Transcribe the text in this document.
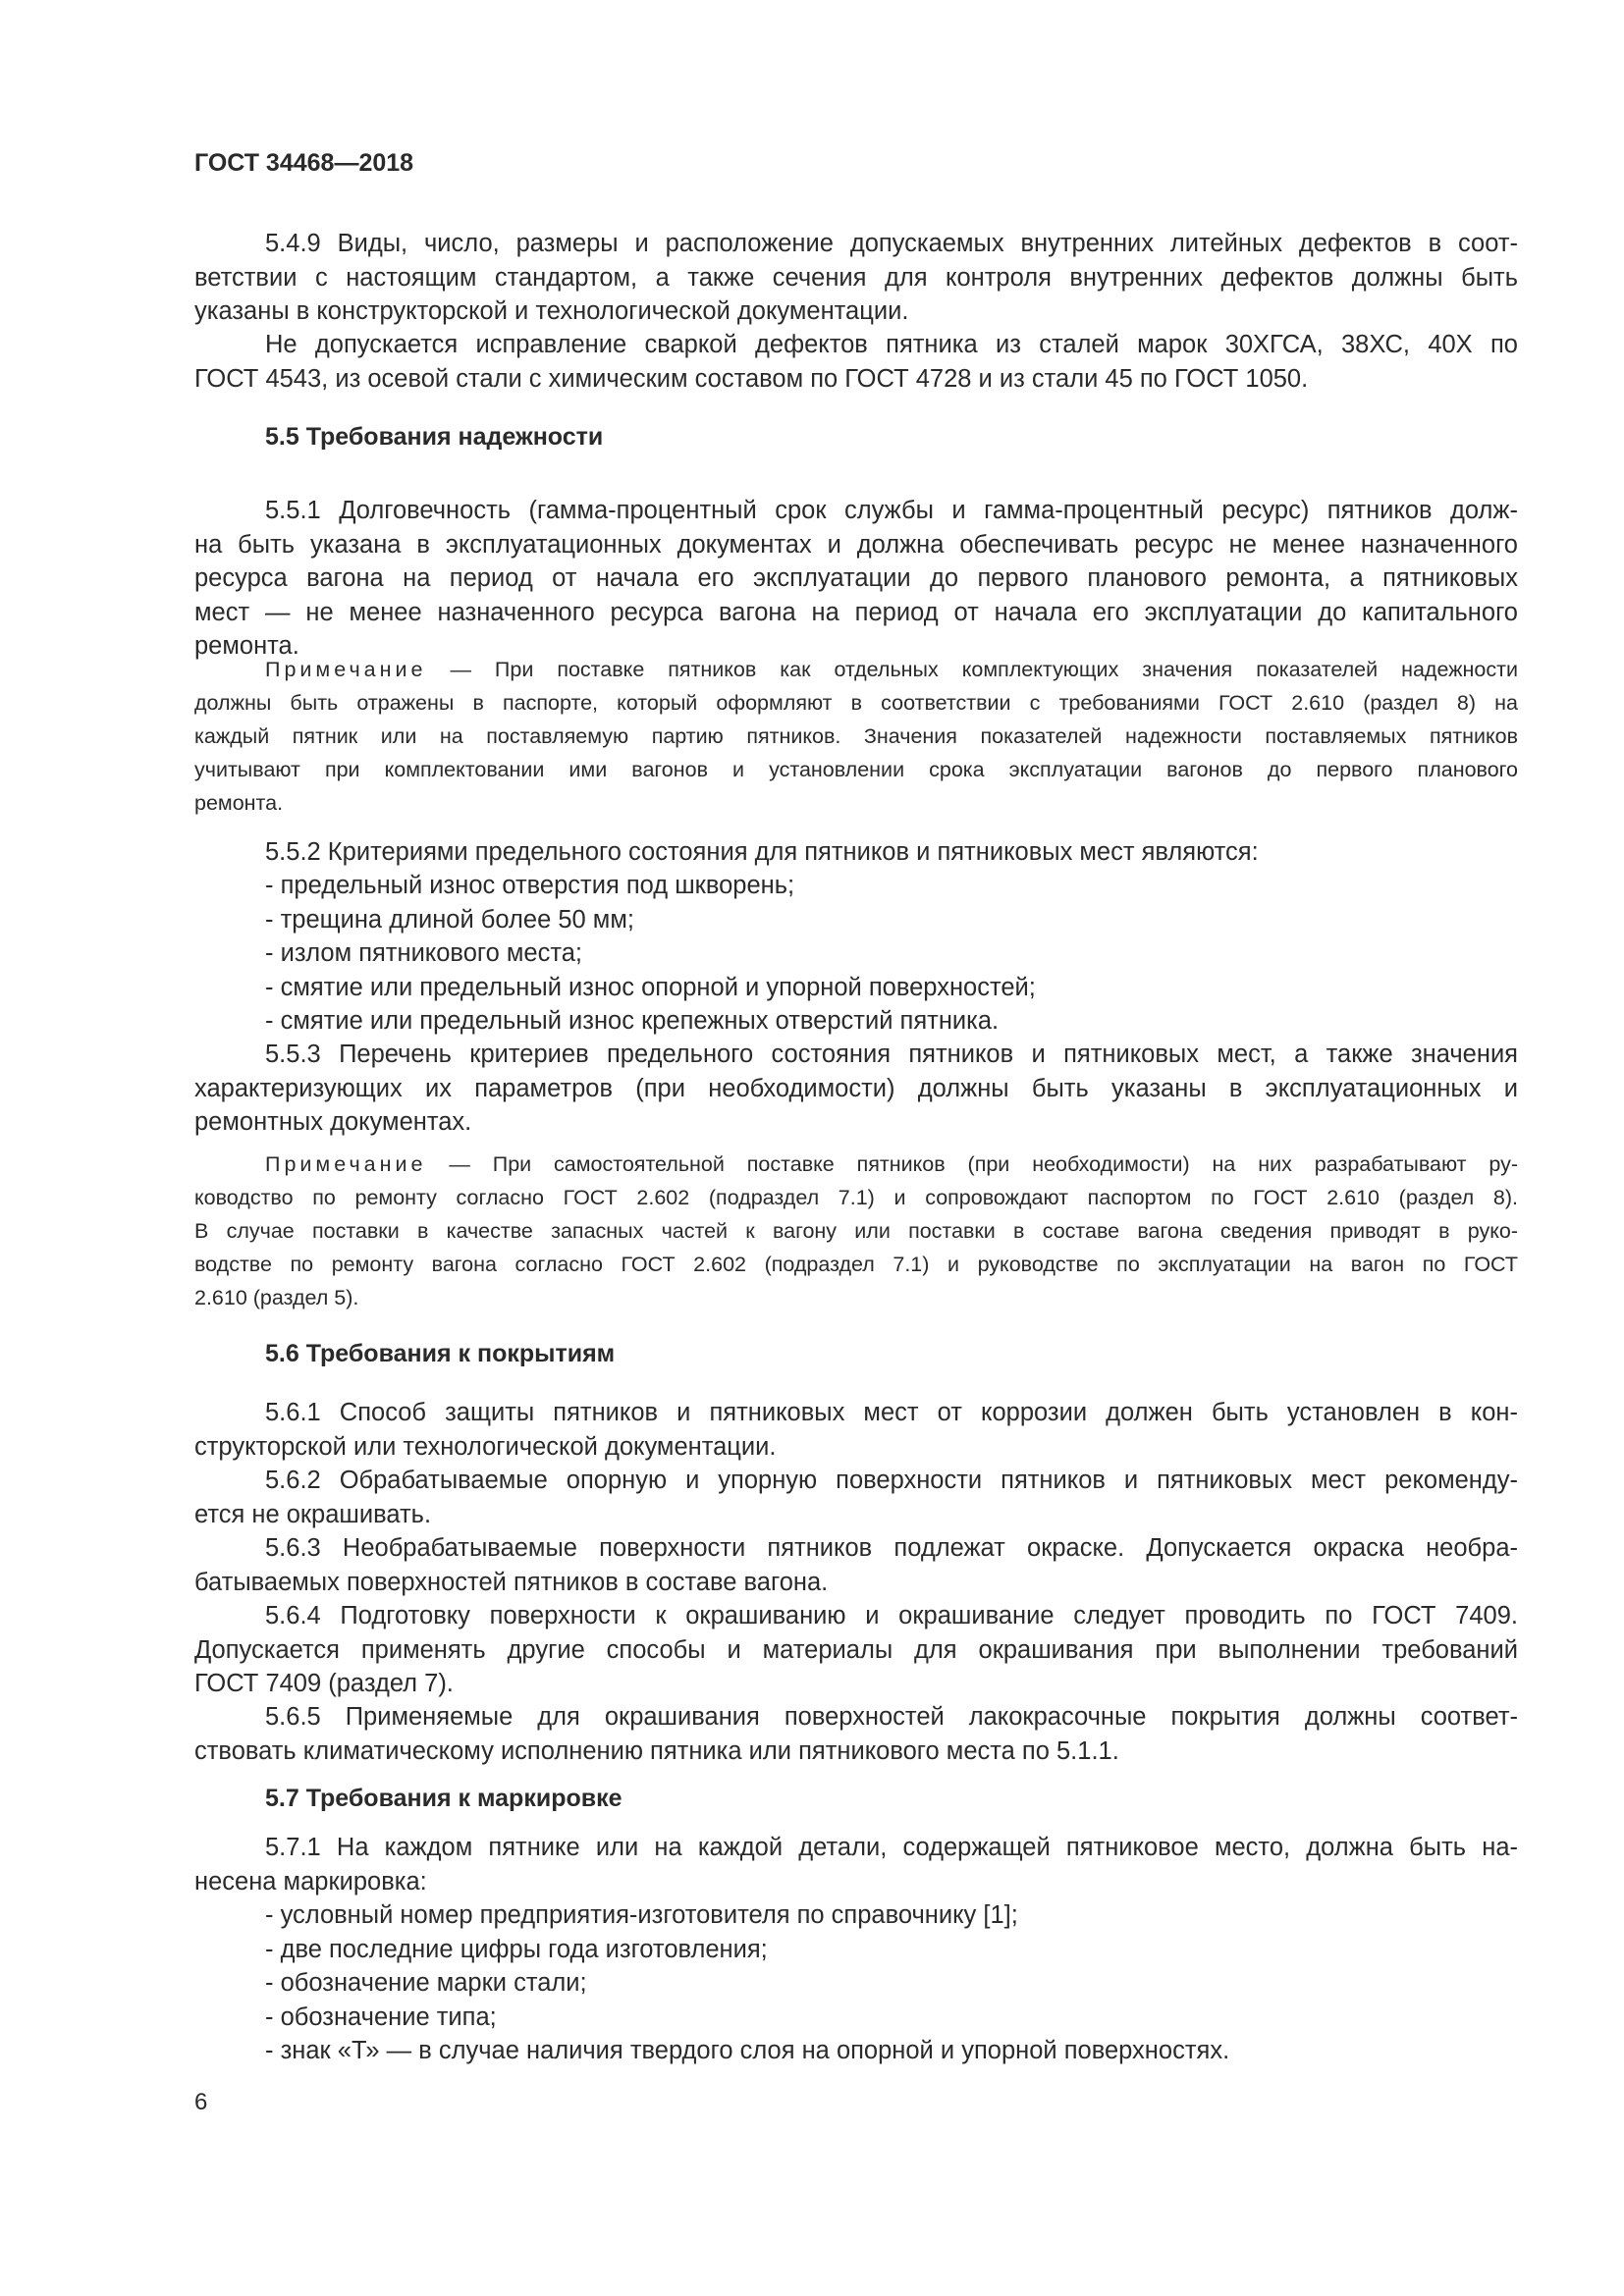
ГОСТ 34468—2018
5.4.9 Виды, число, размеры и расположение допускаемых внутренних литейных дефектов в соот-
ветствии с настоящим стандартом, а также сечения для контроля внутренних дефектов должны быть
указаны в конструкторской и технологической документации.
Не допускается исправление сваркой дефектов пятника из сталей марок 30ХГСА, 38ХС, 40Х по
ГОСТ 4543, из осевой стали с химическим составом по ГОСТ 4728 и из стали 45 по ГОСТ 1050.
5.5 Требования надежности
5.5.1 Долговечность (гамма-процентный срок службы и гамма-процентный ресурс) пятников долж-
на быть указана в эксплуатационных документах и должна обеспечивать ресурс не менее назначенного
ресурса вагона на период от начала его эксплуатации до первого планового ремонта, а пятниковых
мест — не менее назначенного ресурса вагона на период от начала его эксплуатации до капитального
ремонта.
Примечание — При поставке пятников как отдельных комплектующих значения показателей надежности
должны быть отражены в паспорте, который оформляют в соответствии с требованиями ГОСТ 2.610 (раздел 8) на
каждый пятник или на поставляемую партию пятников. Значения показателей надежности поставляемых пятников
учитывают при комплектовании ими вагонов и установлении срока эксплуатации вагонов до первого планового
ремонта.
5.5.2 Критериями предельного состояния для пятников и пятниковых мест являются:
- предельный износ отверстия под шкворень;
- трещина длиной более 50 мм;
- излом пятникового места;
- смятие или предельный износ опорной и упорной поверхностей;
- смятие или предельный износ крепежных отверстий пятника.
5.5.3 Перечень критериев предельного состояния пятников и пятниковых мест, а также значения
характеризующих их параметров (при необходимости) должны быть указаны в эксплуатационных и
ремонтных документах.
Примечание — При самостоятельной поставке пятников (при необходимости) на них разрабатывают ру-
ководство по ремонту согласно ГОСТ 2.602 (подраздел 7.1) и сопровождают паспортом по ГОСТ 2.610 (раздел 8).
В случае поставки в качестве запасных частей к вагону или поставки в составе вагона сведения приводят в руко-
водстве по ремонту вагона согласно ГОСТ 2.602 (подраздел 7.1) и руководстве по эксплуатации на вагон по ГОСТ
2.610 (раздел 5).
5.6 Требования к покрытиям
5.6.1 Способ защиты пятников и пятниковых мест от коррозии должен быть установлен в кон-
структорской или технологической документации.
5.6.2 Обрабатываемые опорную и упорную поверхности пятников и пятниковых мест рекоменду-
ется не окрашивать.
5.6.3 Необрабатываемые поверхности пятников подлежат окраске. Допускается окраска необра-
батываемых поверхностей пятников в составе вагона.
5.6.4 Подготовку поверхности к окрашиванию и окрашивание следует проводить по ГОСТ 7409.
Допускается применять другие способы и материалы для окрашивания при выполнении требований
ГОСТ 7409 (раздел 7).
5.6.5 Применяемые для окрашивания поверхностей лакокрасочные покрытия должны соответ-
ствовать климатическому исполнению пятника или пятникового места по 5.1.1.
5.7 Требования к маркировке
5.7.1 На каждом пятнике или на каждой детали, содержащей пятниковое место, должна быть на-
несена маркировка:
- условный номер предприятия-изготовителя по справочнику [1];
- две последние цифры года изготовления;
- обозначение марки стали;
- обозначение типа;
- знак «Т» — в случае наличия твердого слоя на опорной и упорной поверхностях.
6
